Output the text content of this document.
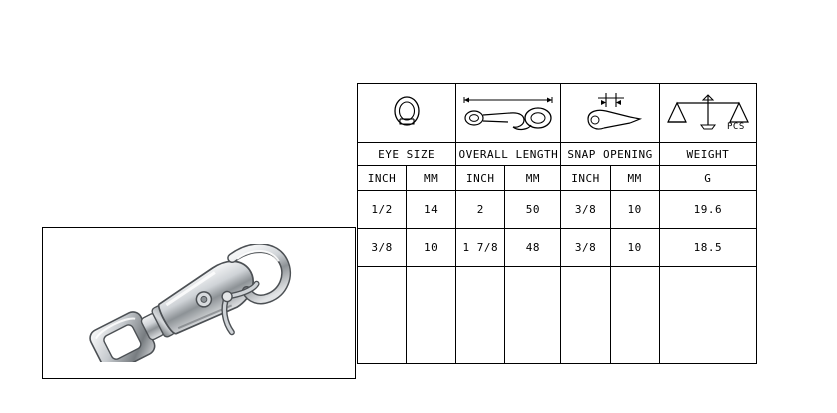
PCS

EYE SIZE		OVERALL LENGTH		SNAP OPENING		WEIGHT
INCH	MM	INCH	MM	INCH	MM	G
1/2	14	2	50	3/8	10	19.6
3/8	10	1 7/8	48	3/8	10	18.5
